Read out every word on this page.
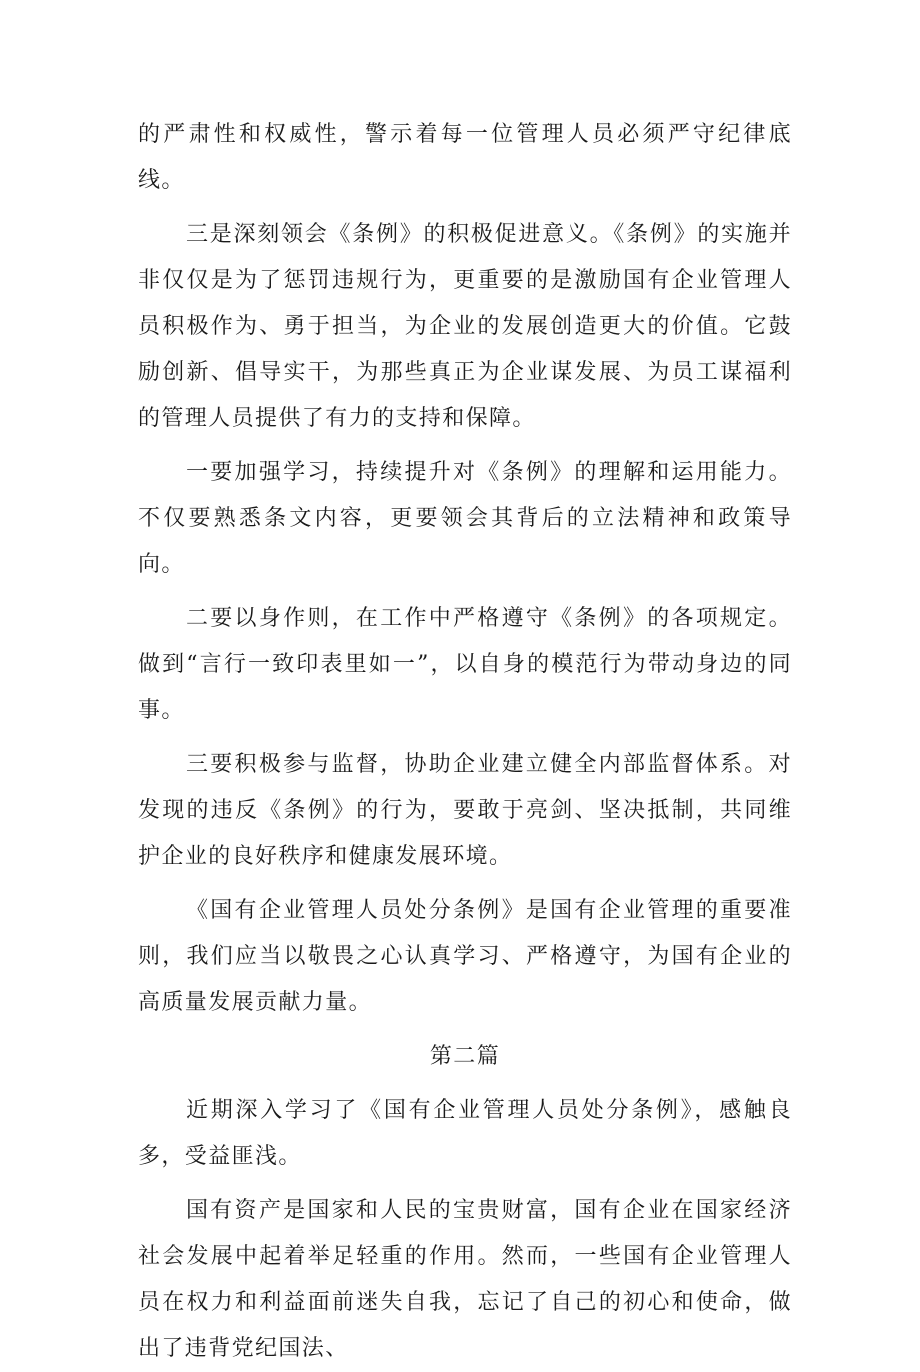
的严肃性和权威性，警示着每一位管理人员必须严守纪律底线。

三是深刻领会《条例》的积极促进意义。《条例》的实施并非仅仅是为了惩罚违规行为，更重要的是激励国有企业管理人员积极作为、勇于担当，为企业的发展创造更大的价值。它鼓励创新、倡导实干，为那些真正为企业谋发展、为员工谋福利的管理人员提供了有力的支持和保障。

一要加强学习，持续提升对《条例》的理解和运用能力。不仅要熟悉条文内容，更要领会其背后的立法精神和政策导向。

二要以身作则，在工作中严格遵守《条例》的各项规定。做到“言行一致印表里如一”，以自身的模范行为带动身边的同事。

三要积极参与监督，协助企业建立健全内部监督体系。对发现的违反《条例》的行为，要敢于亮剑、坚决抵制，共同维护企业的良好秩序和健康发展环境。

《国有企业管理人员处分条例》是国有企业管理的重要准则，我们应当以敬畏之心认真学习、严格遵守，为国有企业的高质量发展贡献力量。

第二篇

近期深入学习了《国有企业管理人员处分条例》，感触良多，受益匪浅。

国有资产是国家和人民的宝贵财富，国有企业在国家经济社会发展中起着举足轻重的作用。然而，一些国有企业管理人员在权力和利益面前迷失自我，忘记了自己的初心和使命，做出了违背党纪国法、
